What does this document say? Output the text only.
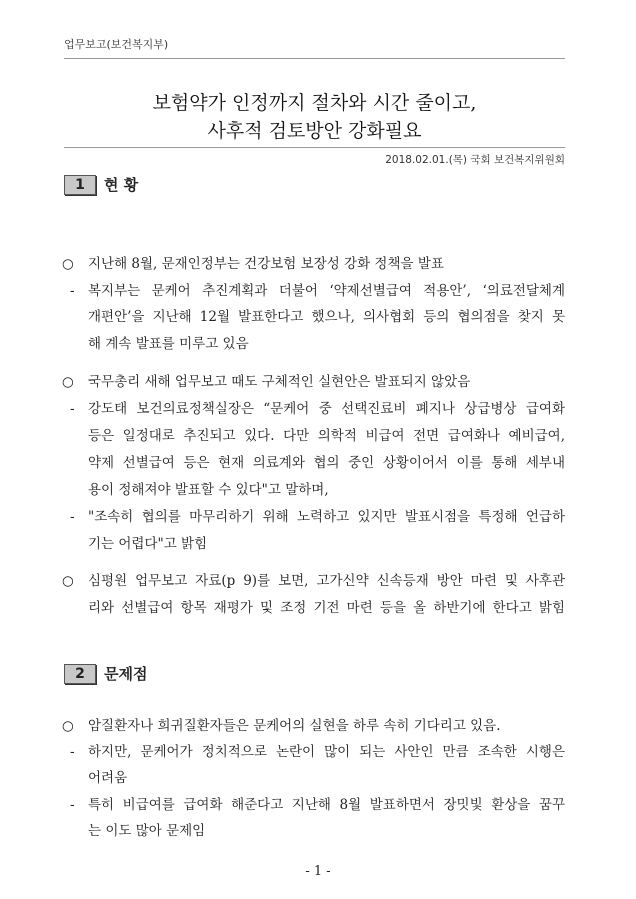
업무보고(보건복지부)
보험약가 인정까지 절차와 시간 줄이고,
사후적 검토방안 강화필요
2018.02.01.(목) 국회 보건복지위원회
1	현 황
○ 지난해 8월, 문재인정부는 건강보험 보장성 강화 정책을 발표
- 복지부는 문케어 추진계획과 더불어 ‘약제선별급여 적용안’, ‘의료전달체계
개편안’을 지난해 12월 발표한다고 했으나, 의사협회 등의 협의점을 찾지 못
해 계속 발표를 미루고 있음
○ 국무총리 새해 업무보고 때도 구체적인 실현안은 발표되지 않았음
- 강도태 보건의료정책실장은 “문케어 중 선택진료비 폐지나 상급병상 급여화
등은 일정대로 추진되고 있다. 다만 의학적 비급여 전면 급여화나 예비급여,
약제 선별급여 등은 현재 의료계와 협의 중인 상황이어서 이를 통해 세부내
용이 정해져야 발표할 수 있다"고 말하며,
- "조속히 협의를 마무리하기 위해 노력하고 있지만 발표시점을 특정해 언급하
기는 어렵다"고 밝힘
○ 심평원 업무보고 자료(p 9)를 보면, 고가신약 신속등재 방안 마련 및 사후관
리와 선별급여 항목 재평가 및 조정 기전 마련 등을 올 하반기에 한다고 밝힘
2	문제점
○ 암질환자나 희귀질환자들은 문케어의 실현을 하루 속히 기다리고 있음.
- 하지만, 문케어가 정치적으로 논란이 많이 되는 사안인 만큼 조속한 시행은
어려움
- 특히 비급여를 급여화 해준다고 지난해 8월 발표하면서 장밋빛 환상을 꿈꾸
는 이도 많아 문제임
- 1 -
